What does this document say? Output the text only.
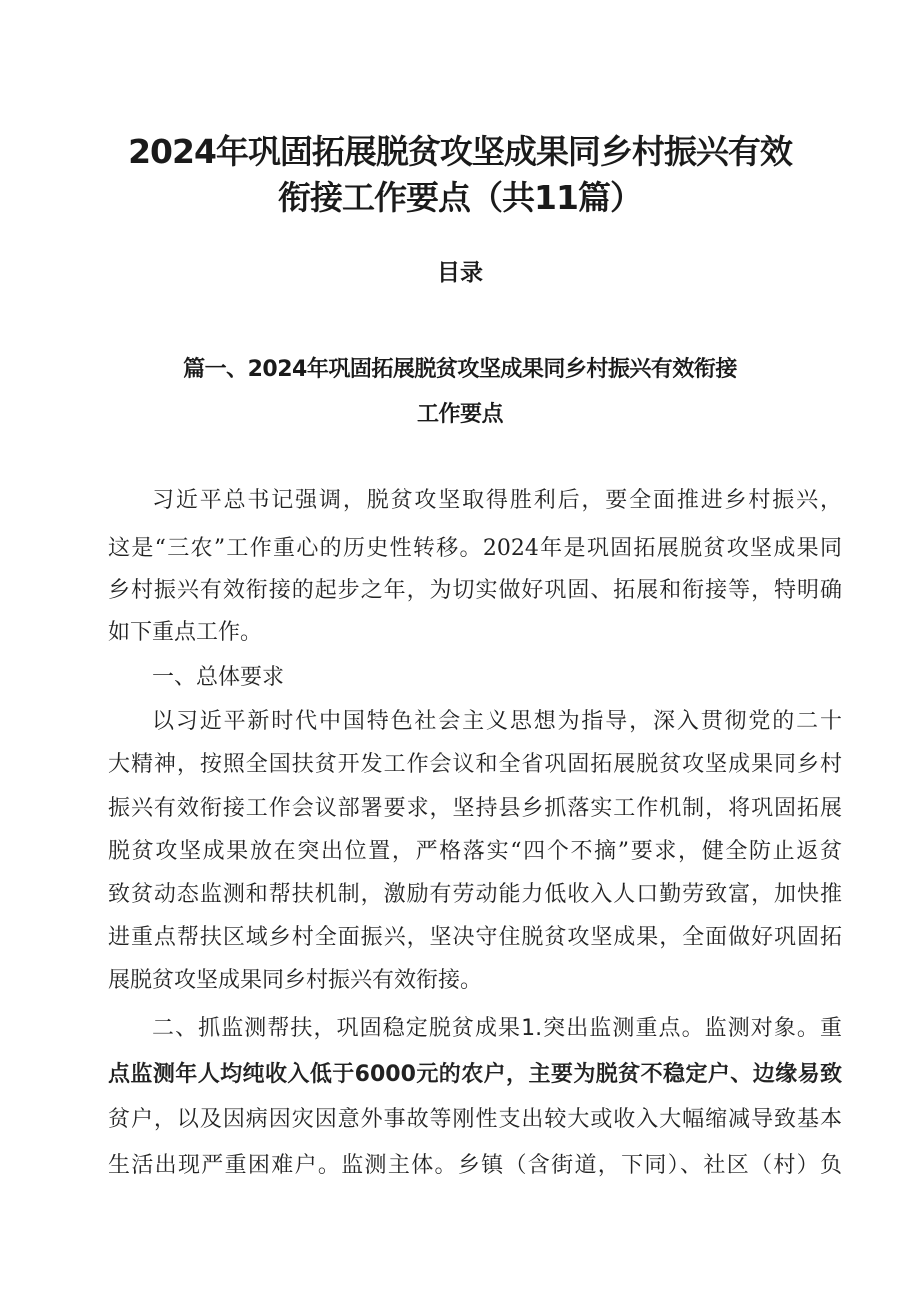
2024年巩固拓展脱贫攻坚成果同乡村振兴有效
衔接工作要点（共11篇）
目录
篇一、2024年巩固拓展脱贫攻坚成果同乡村振兴有效衔接
工作要点

习近平总书记强调，脱贫攻坚取得胜利后，要全面推进乡村振兴，

这是“三农”工作重心的历史性转移。2024年是巩固拓展脱贫攻坚成果同

乡村振兴有效衔接的起步之年，为切实做好巩固、拓展和衔接等，特明确

如下重点工作。

一、总体要求

以习近平新时代中国特色社会主义思想为指导，深入贯彻党的二十

大精神，按照全国扶贫开发工作会议和全省巩固拓展脱贫攻坚成果同乡村

振兴有效衔接工作会议部署要求，坚持县乡抓落实工作机制，将巩固拓展

脱贫攻坚成果放在突出位置，严格落实“四个不摘”要求，健全防止返贫

致贫动态监测和帮扶机制，激励有劳动能力低收入人口勤劳致富，加快推

进重点帮扶区域乡村全面振兴，坚决守住脱贫攻坚成果，全面做好巩固拓

展脱贫攻坚成果同乡村振兴有效衔接。

二、抓监测帮扶，巩固稳定脱贫成果1.突出监测重点。监测对象。重

点监测年人均纯收入低于6000元的农户，主要为脱贫不稳定户、边缘易致

贫户，以及因病因灾因意外事故等刚性支出较大或收入大幅缩减导致基本

生活出现严重困难户。监测主体。乡镇（含街道，下同）、社区（村）负
